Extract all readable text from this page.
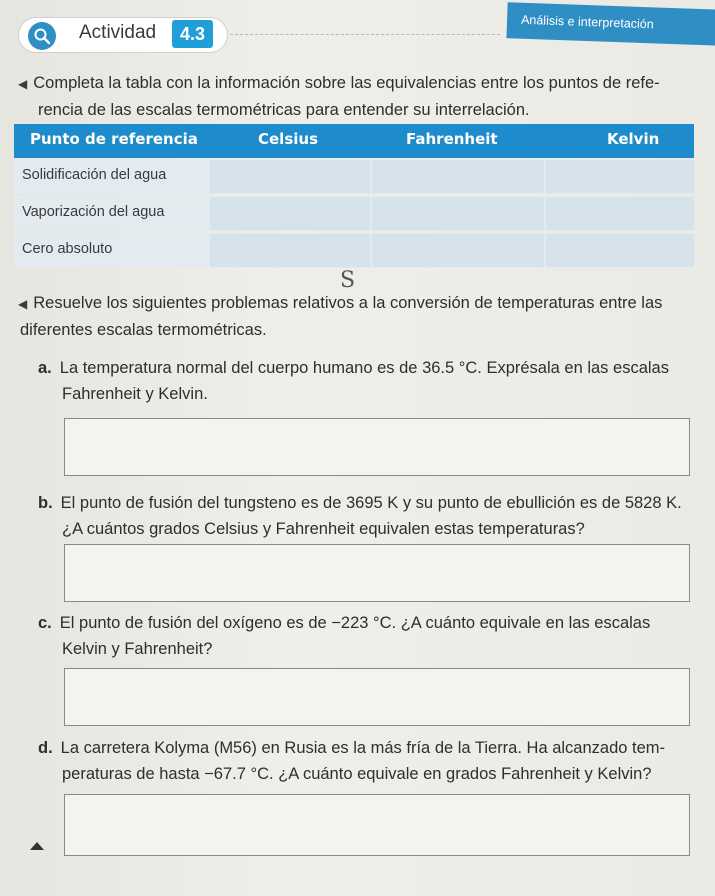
Actividad	4.3
Análisis e interpretación
◀ Completa la tabla con la información sobre las equivalencias entre los puntos de refe-
rencia de las escalas termométricas para entender su interrelación.
Punto de referencia	Celsius	Fahrenheit	Kelvin
Solidificación del agua
Vaporización del agua
Cero absoluto
S
◀ Resuelve los siguientes problemas relativos a la conversión de temperaturas entre las
diferentes escalas termométricas.
a. La temperatura normal del cuerpo humano es de 36.5 °C. Exprésala en las escalas
Fahrenheit y Kelvin.
b. El punto de fusión del tungsteno es de 3695 K y su punto de ebullición es de 5828 K.
¿A cuántos grados Celsius y Fahrenheit equivalen estas temperaturas?
c. El punto de fusión del oxígeno es de −223 °C. ¿A cuánto equivale en las escalas
Kelvin y Fahrenheit?
d. La carretera Kolyma (M56) en Rusia es la más fría de la Tierra. Ha alcanzado tem-
peraturas de hasta −67.7 °C. ¿A cuánto equivale en grados Fahrenheit y Kelvin?
